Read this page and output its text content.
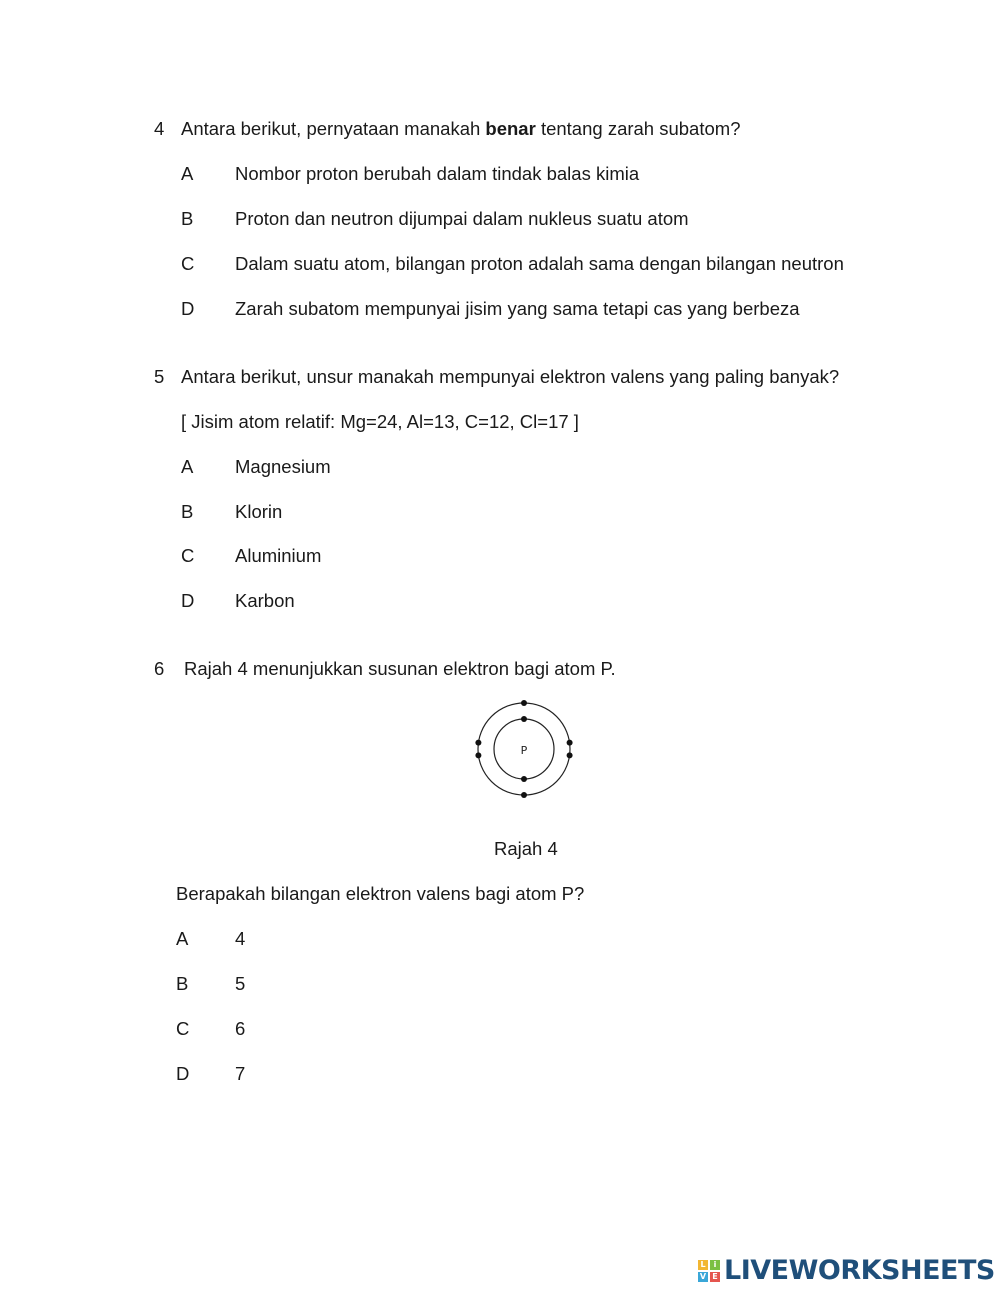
4 Antara berikut, pernyataan manakah benar tentang zarah subatom?
A Nombor proton berubah dalam tindak balas kimia
B Proton dan neutron dijumpai dalam nukleus suatu atom
C Dalam suatu atom, bilangan proton adalah sama dengan bilangan neutron
D Zarah subatom mempunyai jisim yang sama tetapi cas yang berbeza
5 Antara berikut, unsur manakah mempunyai elektron valens yang paling banyak?
[ Jisim atom relatif: Mg=24, Al=13, C=12, Cl=17 ]
A Magnesium
B Klorin
C Aluminium
D Karbon
6 Rajah 4 menunjukkan susunan elektron bagi atom P.
P
Rajah 4
Berapakah bilangan elektron valens bagi atom P?
A	4
B	5
C 6
D 7
L	i
V E LIVEWORKSHEETS
